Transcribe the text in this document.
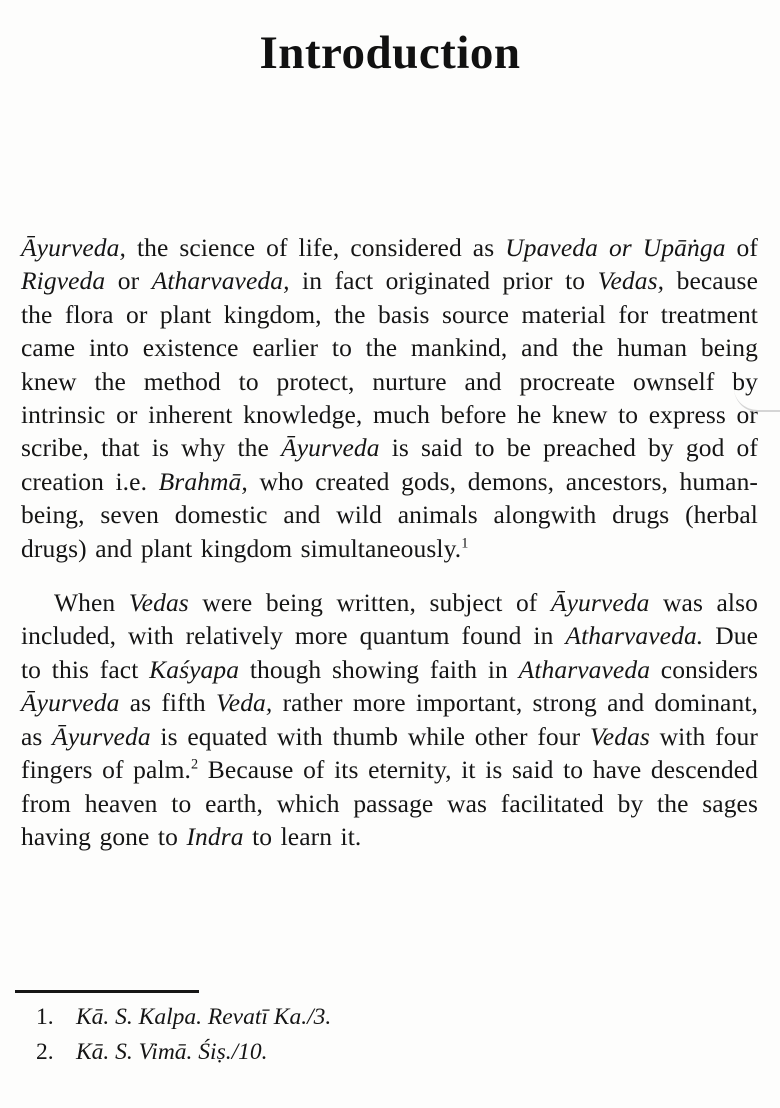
Introduction

Āyurveda, the science of life, considered as Upaveda or Upāṅga of Rigveda or Atharvaveda, in fact originated prior to Vedas, because the flora or plant kingdom, the basis source material for treatment came into existence earlier to the mankind, and the human being knew the method to protect, nurture and procreate ownself by intrinsic or inherent knowledge, much before he knew to express or scribe, that is why the Āyurveda is said to be preached by god of creation i.e. Brahmā, who created gods, demons, ancestors, human-being, seven domestic and wild animals alongwith drugs (herbal drugs) and plant kingdom simultaneously.$^1$

When Vedas were being written, subject of Āyurveda was also included, with relatively more quantum found in Atharvaveda. Due to this fact Kaśyapa though showing faith in Atharvaveda considers Āyurveda as fifth Veda, rather more important, strong and dominant, as Āyurveda is equated with thumb while other four Vedas with four fingers of palm.$^2$ Because of its eternity, it is said to have descended from heaven to earth, which passage was facilitated by the sages having gone to Indra to learn it.

1. Kā. S. Kalpa. Revatī Ka./3.
2. Kā. S. Vimā. Śiṣ./10.
